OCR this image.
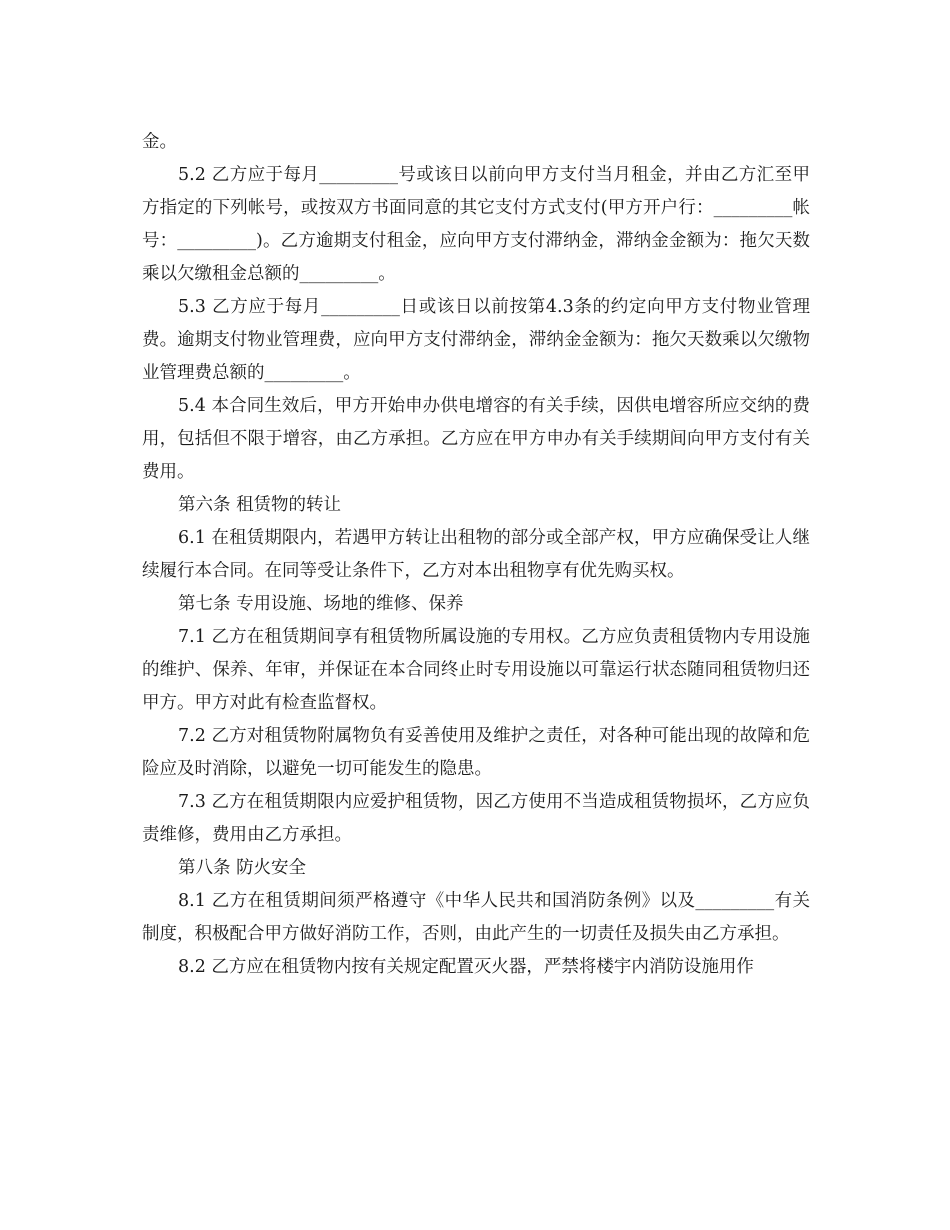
金。

5.2 乙方应于每月_________号或该日以前向甲方支付当月租金，并由乙方汇至甲方指定的下列帐号，或按双方书面同意的其它支付方式支付(甲方开户行：_________帐号：_________)。乙方逾期支付租金，应向甲方支付滞纳金，滞纳金金额为：拖欠天数乘以欠缴租金总额的_________。

5.3 乙方应于每月_________日或该日以前按第4.3条的约定向甲方支付物业管理费。逾期支付物业管理费，应向甲方支付滞纳金，滞纳金金额为：拖欠天数乘以欠缴物业管理费总额的_________。

5.4 本合同生效后，甲方开始申办供电增容的有关手续，因供电增容所应交纳的费用，包括但不限于增容，由乙方承担。乙方应在甲方申办有关手续期间向甲方支付有关费用。

第六条 租赁物的转让

6.1 在租赁期限内，若遇甲方转让出租物的部分或全部产权，甲方应确保受让人继续履行本合同。在同等受让条件下，乙方对本出租物享有优先购买权。

第七条 专用设施、场地的维修、保养

7.1 乙方在租赁期间享有租赁物所属设施的专用权。乙方应负责租赁物内专用设施的维护、保养、年审，并保证在本合同终止时专用设施以可靠运行状态随同租赁物归还甲方。甲方对此有检查监督权。

7.2 乙方对租赁物附属物负有妥善使用及维护之责任，对各种可能出现的故障和危险应及时消除，以避免一切可能发生的隐患。

7.3 乙方在租赁期限内应爱护租赁物，因乙方使用不当造成租赁物损坏，乙方应负责维修，费用由乙方承担。

第八条 防火安全

8.1 乙方在租赁期间须严格遵守《中华人民共和国消防条例》以及_________有关制度，积极配合甲方做好消防工作，否则，由此产生的一切责任及损失由乙方承担。

8.2 乙方应在租赁物内按有关规定配置灭火器，严禁将楼宇内消防设施用作
